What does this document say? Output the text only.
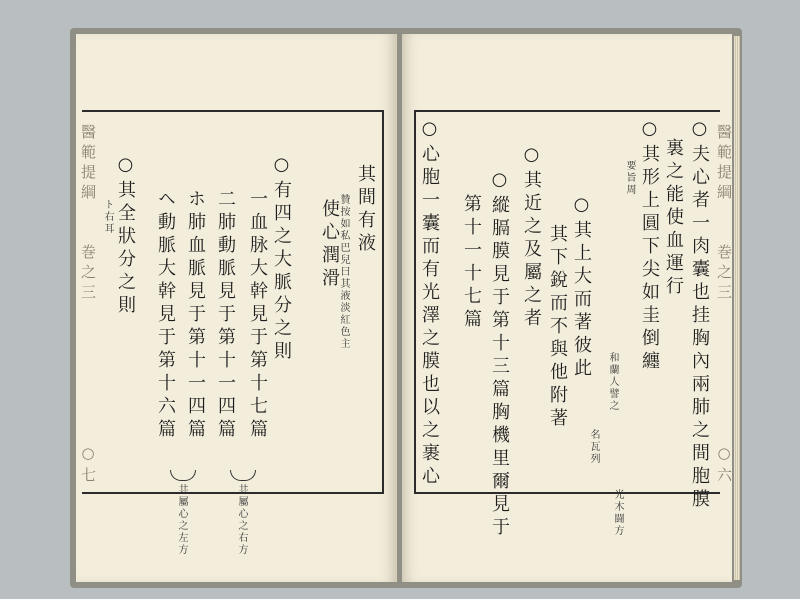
醫範提綱
巻之三
○七
其間有液
贊按如私巴兒曰其液淡紅色主
使心潤滑
○有四之大脈分之則
一血脉大幹見于第十七篇
二肺動脈見于第十一四篇
ホ肺血脈見于第十一四篇
ヘ動脈大幹見于第十六篇
○其全狀分之則
ト右耳
共屬心之右方
共屬心之左方
醫範提綱
巻之三
○六
○夫心者一肉囊也挂胸內兩肺之間胞膜
裏之能使血運行
要旨周 ○其形上圓下尖如圭倒纏
和蘭人譬之
名瓦列
光木闘方
○其上大而著彼此
其下銳而不與他附著
○其近之及屬之者
○縱膈膜見于第十三篇胸機里爾見于
第十一十七篇
○心胞一囊而有光澤之膜也以之裹心
